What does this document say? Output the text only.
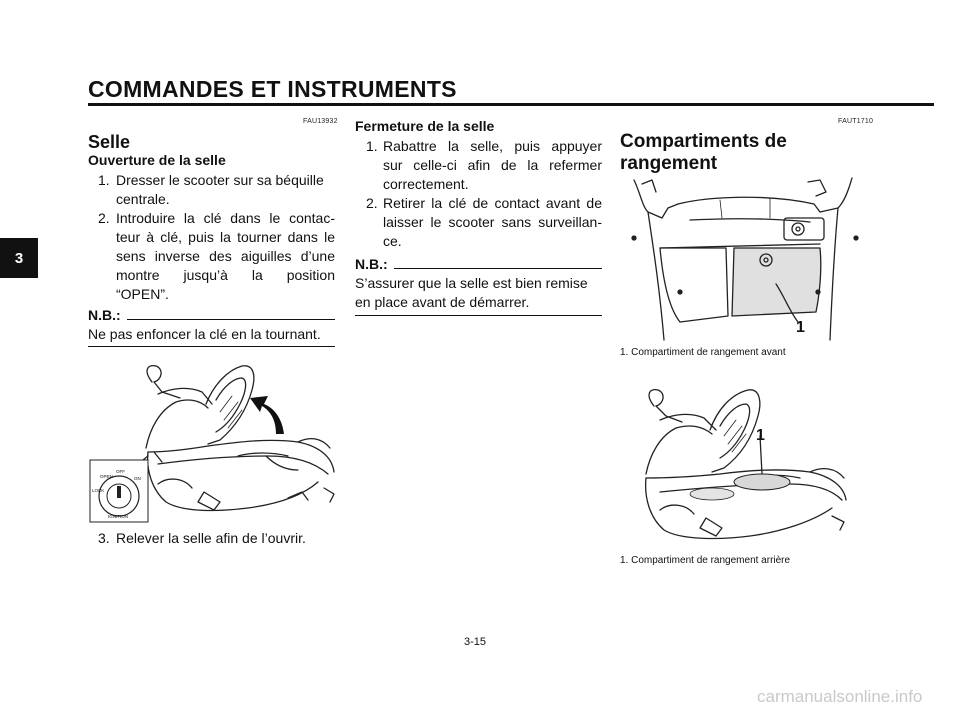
COMMANDES ET INSTRUMENTS
3
FAU13932
Selle
Ouverture de la selle
1. Dresser le scooter sur sa béquille
centrale.
2. Introduire la clé dans le contac-
teur à clé, puis la tourner dans le
sens inverse des aiguilles d’une
montre jusqu’à la position
“OPEN”.
N.B.:
Ne pas enfoncer la clé en la tournant.
OPEN
OFF
ON
LOCK
IGNITION
3. Relever la selle afin de l’ouvrir.
Fermeture de la selle
1. Rabattre la selle, puis appuyer
sur celle-ci afin de la refermer
correctement.
2. Retirer la clé de contact avant de
laisser le scooter sans surveillan-
ce.
N.B.:
S’assurer que la selle est bien remise
en place avant de démarrer.
FAUT1710
Compartiments de
rangement
1
1. Compartiment de rangement avant
1
1. Compartiment de rangement arrière
3-15
carmanualsonline.info
